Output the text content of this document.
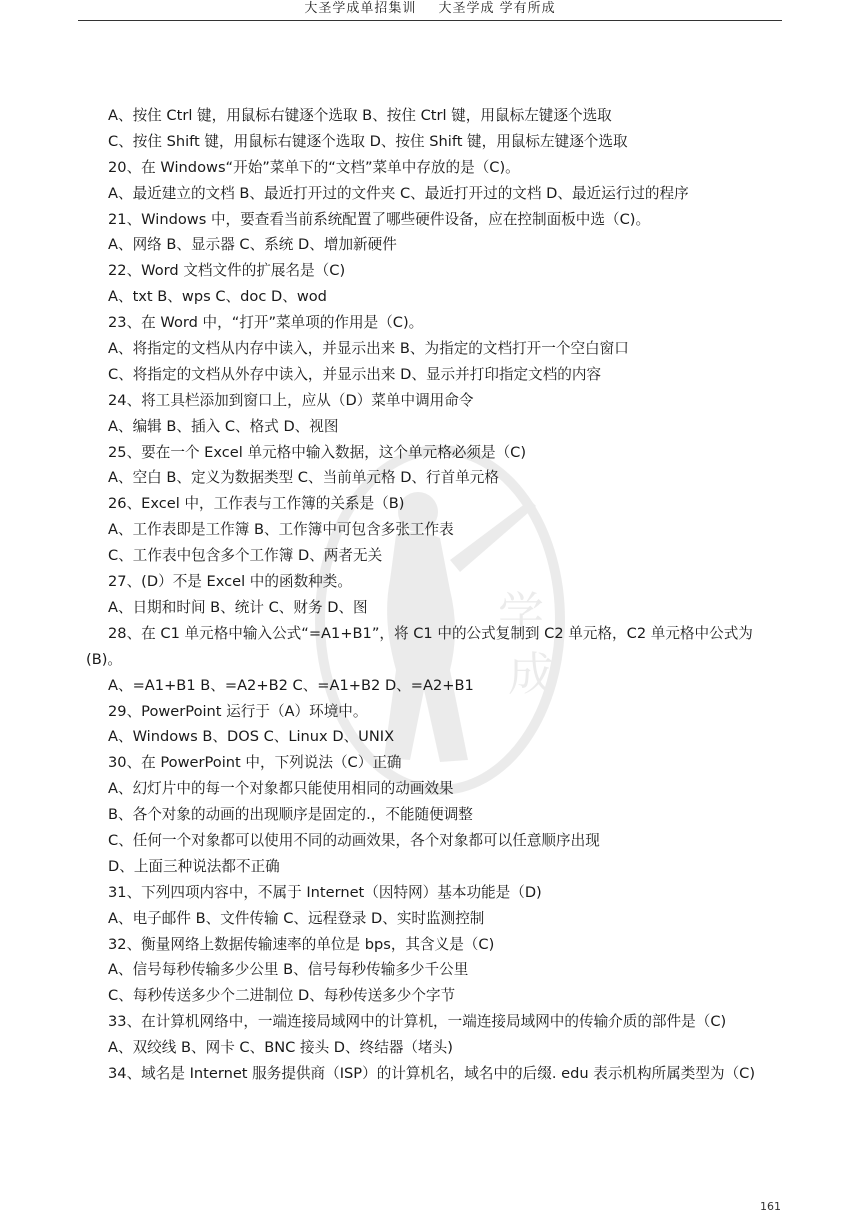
大圣学成单招集训 大圣学成 学有所成
学
成
A、按住 Ctrl 键，用鼠标右键逐个选取 B、按住 Ctrl 键，用鼠标左键逐个选取
C、按住 Shift 键，用鼠标右键逐个选取 D、按住 Shift 键，用鼠标左键逐个选取
20、在 Windows“开始”菜单下的“文档”菜单中存放的是（C)。
A、最近建立的文档 B、最近打开过的文件夹 C、最近打开过的文档 D、最近运行过的程序
21、Windows 中，要查看当前系统配置了哪些硬件设备，应在控制面板中选（C)。
A、网络 B、显示器 C、系统 D、增加新硬件
22、Word 文档文件的扩展名是（C)
A、txt B、wps C、doc D、wod
23、在 Word 中，“打开”菜单项的作用是（C)。
A、将指定的文档从内存中读入，并显示出来 B、为指定的文档打开一个空白窗口
C、将指定的文档从外存中读入，并显示出来 D、显示并打印指定文档的内容
24、将工具栏添加到窗口上，应从（D）菜单中调用命令
A、编辑 B、插入 C、格式 D、视图
25、要在一个 Excel 单元格中输入数据，这个单元格必须是（C)
A、空白 B、定义为数据类型 C、当前单元格 D、行首单元格
26、Excel 中，工作表与工作簿的关系是（B)
A、工作表即是工作簿 B、工作簿中可包含多张工作表
C、工作表中包含多个工作簿 D、两者无关
27、(D）不是 Excel 中的函数种类。
A、日期和时间 B、统计 C、财务 D、图
28、在 C1 单元格中输入公式“=A1+B1”，将 C1 中的公式复制到 C2 单元格，C2 单元格中公式为(B)。
A、=A1+B1 B、=A2+B2 C、=A1+B2 D、=A2+B1
29、PowerPoint 运行于（A）环境中。
A、Windows B、DOS C、Linux D、UNIX
30、在 PowerPoint 中，下列说法（C）正确
A、幻灯片中的每一个对象都只能使用相同的动画效果
B、各个对象的动画的出现顺序是固定的.，不能随便调整
C、任何一个对象都可以使用不同的动画效果，各个对象都可以任意顺序出现
D、上面三种说法都不正确
31、下列四项内容中，不属于 Internet（因特网）基本功能是（D)
A、电子邮件 B、文件传输 C、远程登录 D、实时监测控制
32、衡量网络上数据传输速率的单位是 bps，其含义是（C)
A、信号每秒传输多少公里 B、信号每秒传输多少千公里
C、每秒传送多少个二进制位 D、每秒传送多少个字节
33、在计算机网络中，一端连接局域网中的计算机，一端连接局域网中的传输介质的部件是（C)
A、双绞线 B、网卡 C、BNC 接头 D、终结器（堵头)
34、域名是 Internet 服务提供商（ISP）的计算机名，域名中的后缀. edu 表示机构所属类型为（C)
161
